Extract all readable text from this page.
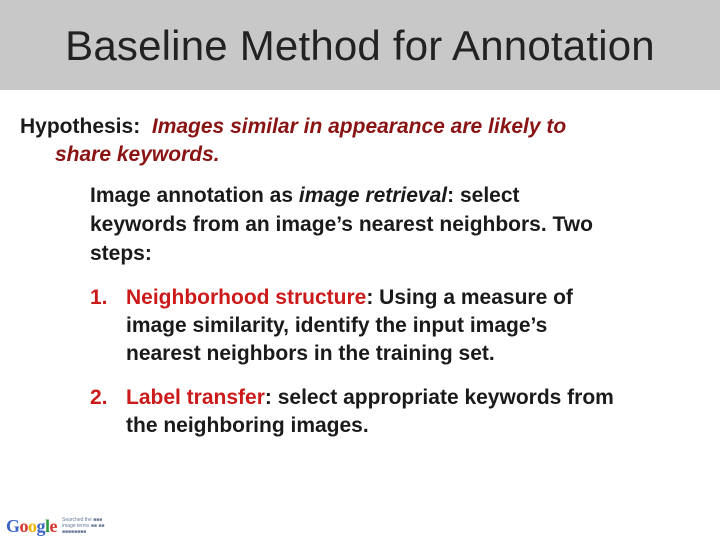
Baseline Method for Annotation
Hypothesis: Images similar in appearance are likely to
share keywords.
Image annotation as image retrieval: select
keywords from an image’s nearest neighbors. Two
steps:
1. Neighborhood structure: Using a measure of
image similarity, identify the input image’s
nearest neighbors in the training set.
2. Label transfer: select appropriate keywords from
the neighboring images.
Google Searched the ■■■ image terms ■■ ■■ ■■■■■■■■
